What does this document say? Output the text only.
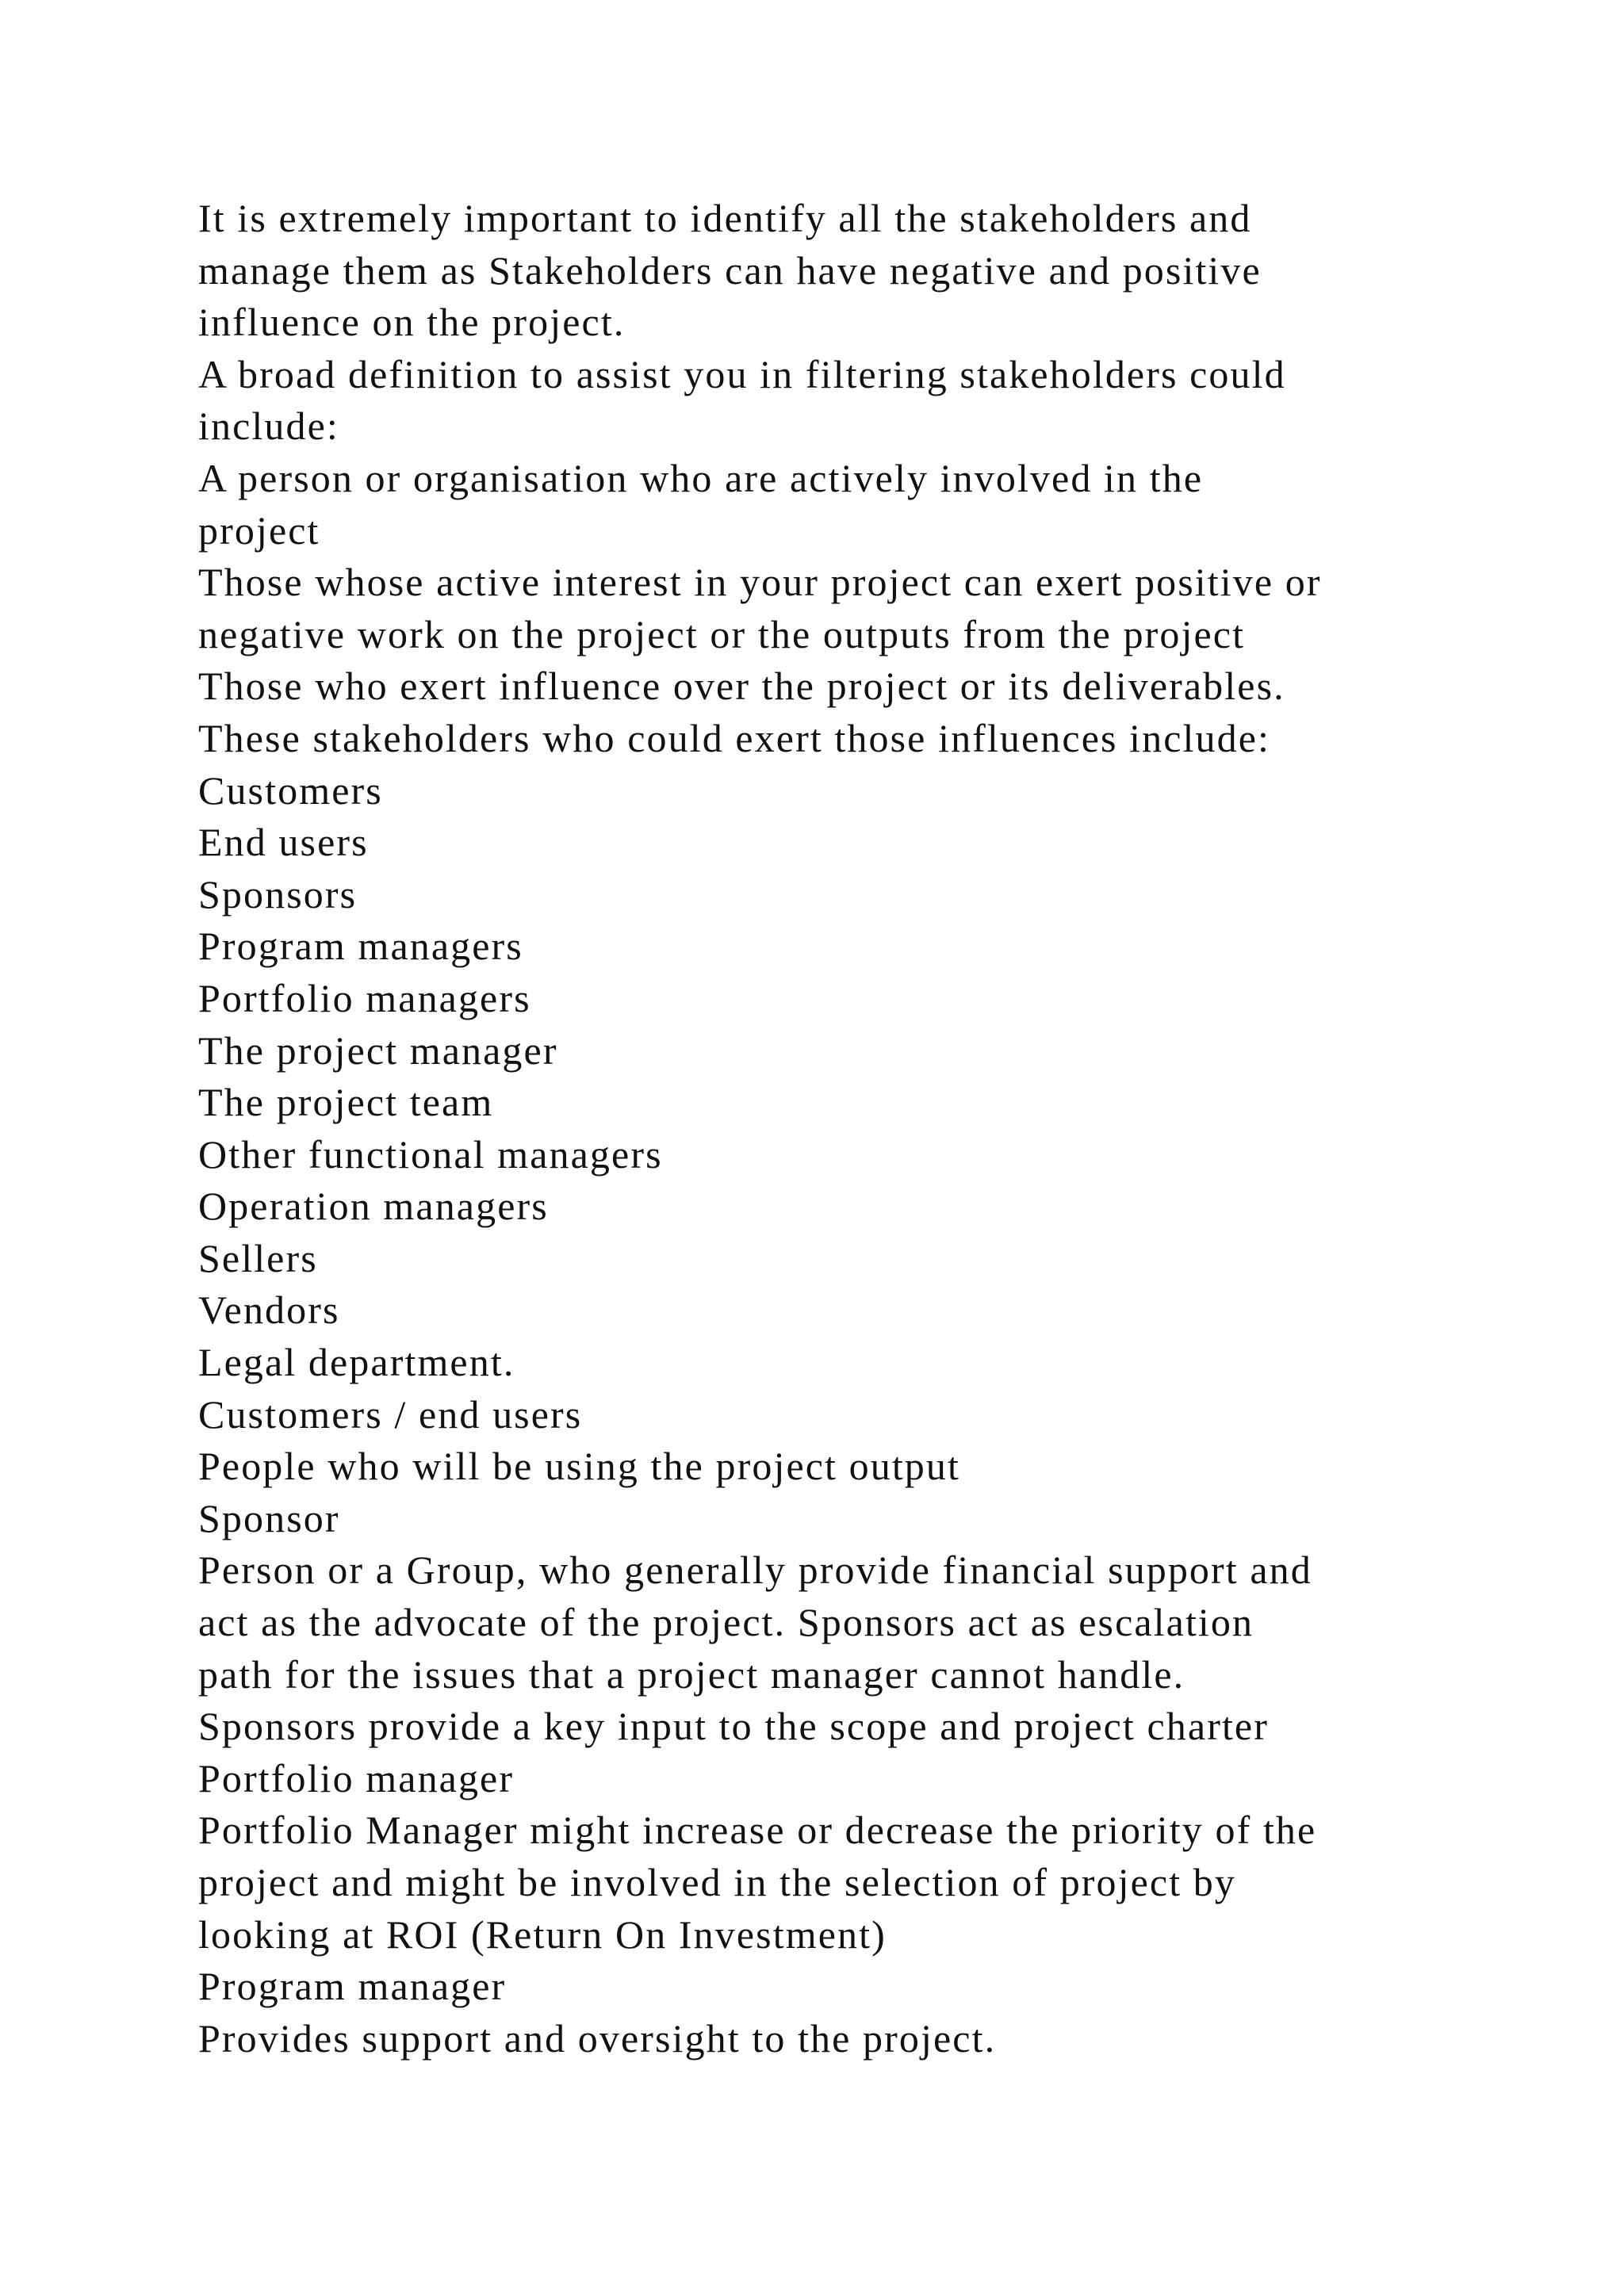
It is extremely important to identify all the stakeholders and
manage them as Stakeholders can have negative and positive
influence on the project.
A broad definition to assist you in filtering stakeholders could
include:
A person or organisation who are actively involved in the
project
Those whose active interest in your project can exert positive or
negative work on the project or the outputs from the project
Those who exert influence over the project or its deliverables.
These stakeholders who could exert those influences include:
Customers
End users
Sponsors
Program managers
Portfolio managers
The project manager
The project team
Other functional managers
Operation managers
Sellers
Vendors
Legal department.
Customers / end users
People who will be using the project output
Sponsor
Person or a Group, who generally provide financial support and
act as the advocate of the project. Sponsors act as escalation
path for the issues that a project manager cannot handle.
Sponsors provide a key input to the scope and project charter
Portfolio manager
Portfolio Manager might increase or decrease the priority of the
project and might be involved in the selection of project by
looking at ROI (Return On Investment)
Program manager
Provides support and oversight to the project.
